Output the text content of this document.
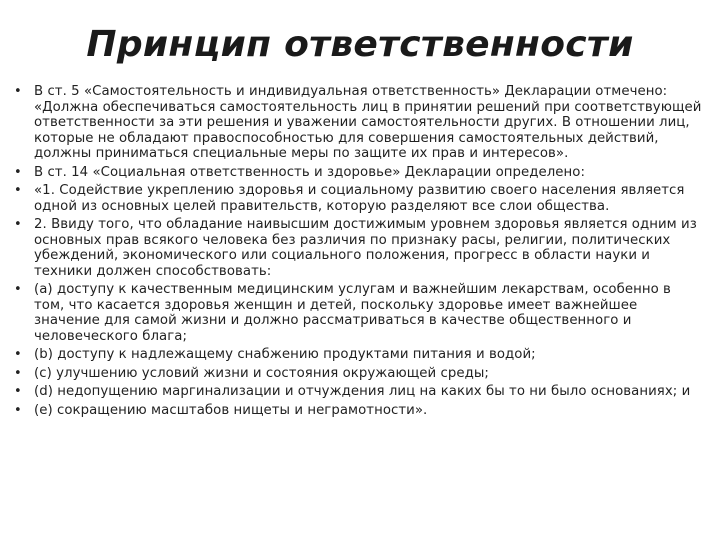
Принцип ответственности
• В ст. 5 «Самостоятельность и индивидуальная ответственность» Декларации отмечено: «Должна обеспечиваться самостоятельность лиц в принятии решений при соответствующей ответственности за эти решения и уважении самостоятельности других. В отношении лиц, которые не обладают правоспособностью для совершения самостоятельных действий, должны приниматься специальные меры по защите их прав и интересов».
• В ст. 14 «Социальная ответственность и здоровье» Декларации определено:
• «1. Содействие укреплению здоровья и социальному развитию своего населения является одной из основных целей правительств, которую разделяют все слои общества.
• 2. Ввиду того, что обладание наивысшим достижимым уровнем здоровья является одним из основных прав всякого человека без различия по признаку расы, религии, политических убеждений, экономического или социального положения, прогресс в области науки и техники должен способствовать:
• (a) доступу к качественным медицинским услугам и важнейшим лекарствам, особенно в том, что касается здоровья женщин и детей, поскольку здоровье имеет важнейшее значение для самой жизни и должно рассматриваться в качестве общественного и человеческого блага;
• (b) доступу к надлежащему снабжению продуктами питания и водой;
• (c) улучшению условий жизни и состояния окружающей среды;
• (d) недопущению маргинализации и отчуждения лиц на каких бы то ни было основаниях; и
• (e) сокращению масштабов нищеты и неграмотности».
